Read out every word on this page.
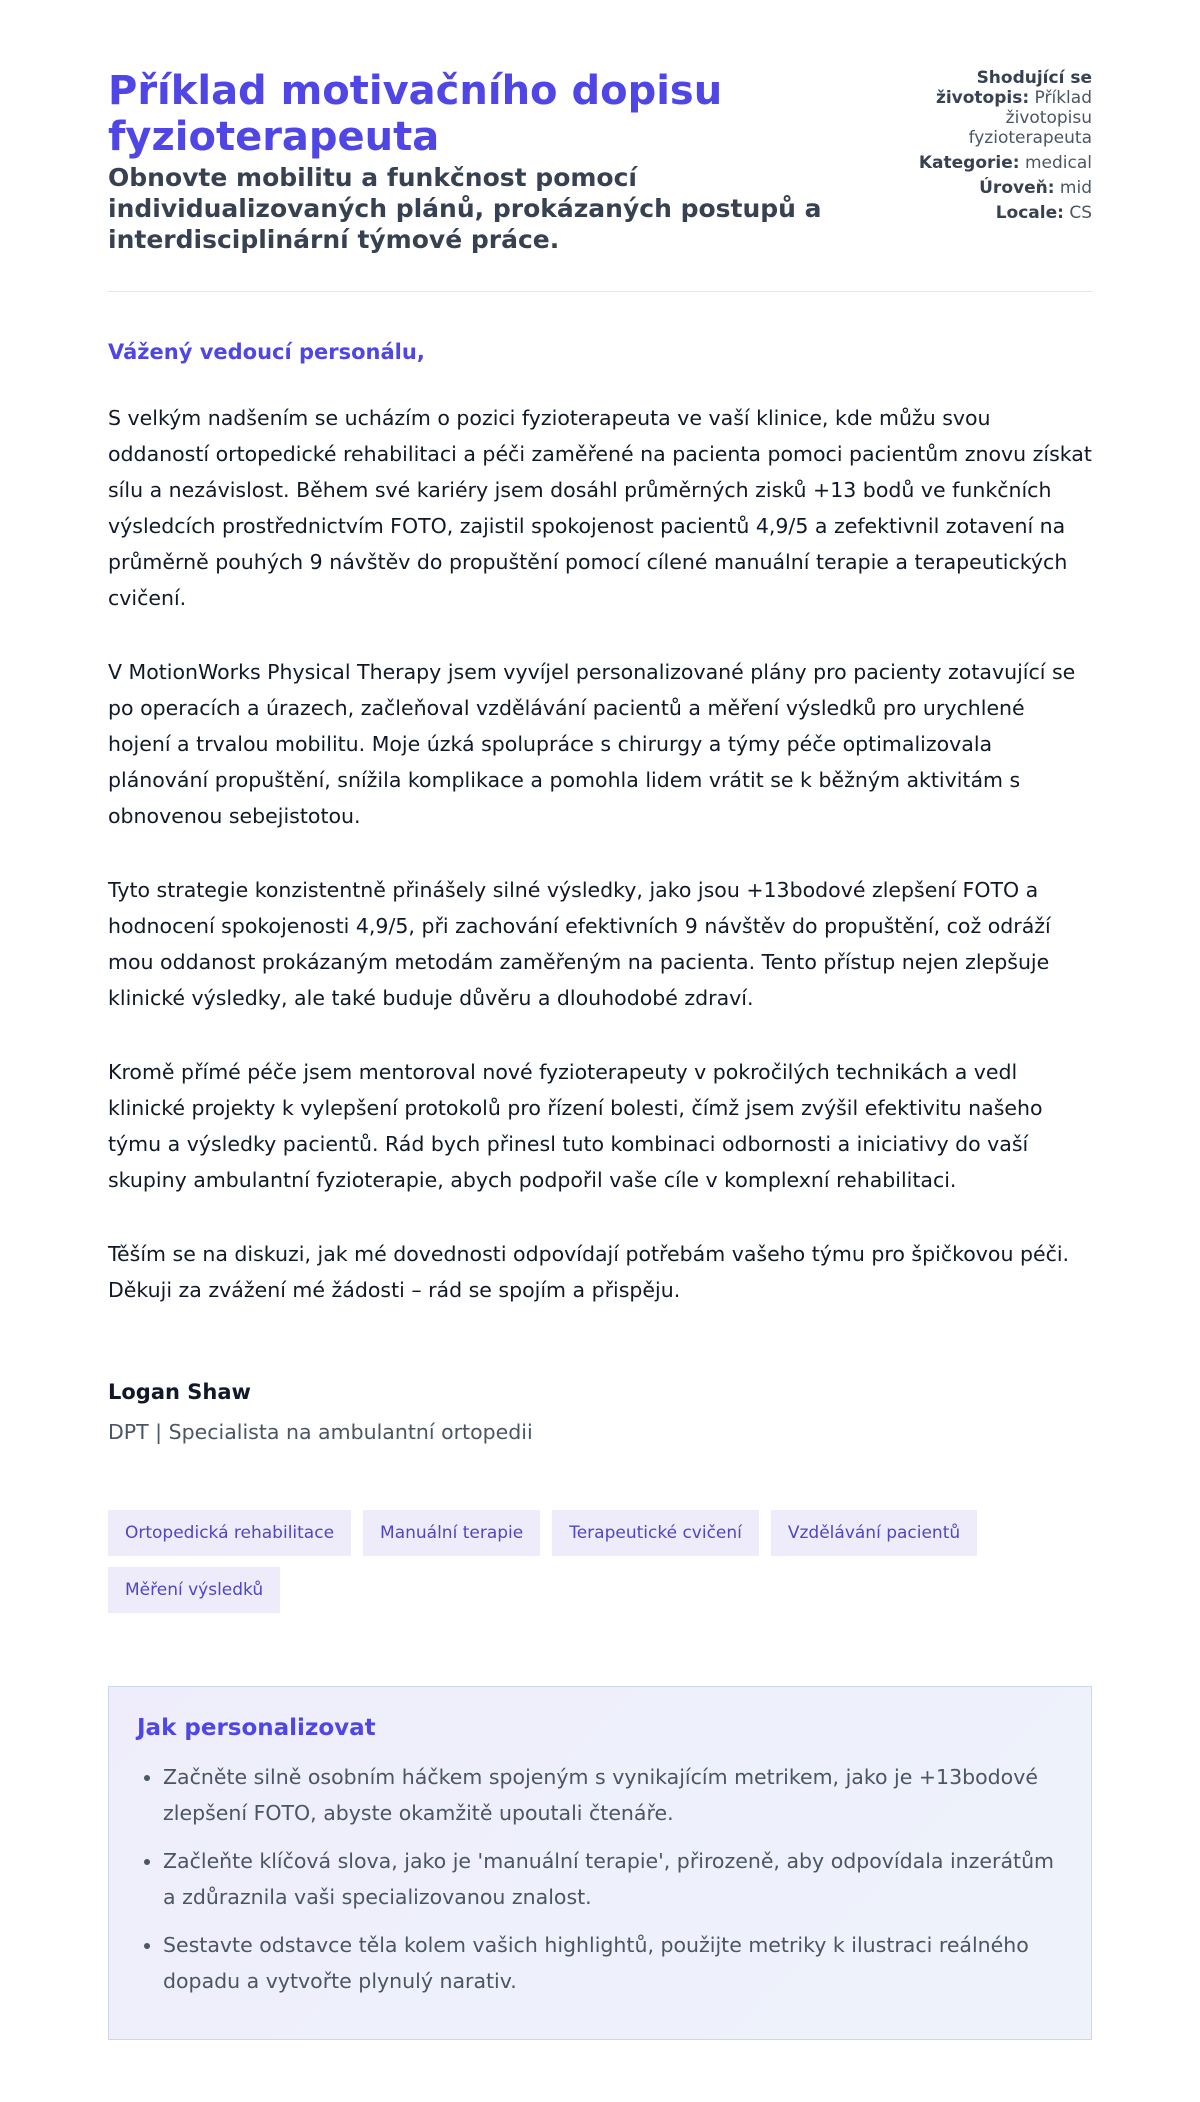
Příklad motivačního dopisu fyzioterapeuta
Obnovte mobilitu a funkčnost pomocí individualizovaných plánů, prokázaných postupů a interdisciplinární týmové práce.
Shodující se životopis: Příklad životopisu fyzioterapeuta
Kategorie: medical
Úroveň: mid
Locale: CS

Vážený vedoucí personálu,

S velkým nadšením se ucházím o pozici fyzioterapeuta ve vaší klinice, kde můžu svou oddaností ortopedické rehabilitaci a péči zaměřené na pacienta pomoci pacientům znovu získat sílu a nezávislost. Během své kariéry jsem dosáhl průměrných zisků +13 bodů ve funkčních výsledcích prostřednictvím FOTO, zajistil spokojenost pacientů 4,9/5 a zefektivnil zotavení na průměrně pouhých 9 návštěv do propuštění pomocí cílené manuální terapie a terapeutických cvičení.

V MotionWorks Physical Therapy jsem vyvíjel personalizované plány pro pacienty zotavující se po operacích a úrazech, začleňoval vzdělávání pacientů a měření výsledků pro urychlené hojení a trvalou mobilitu. Moje úzká spolupráce s chirurgy a týmy péče optimalizovala plánování propuštění, snížila komplikace a pomohla lidem vrátit se k běžným aktivitám s obnovenou sebejistotou.

Tyto strategie konzistentně přinášely silné výsledky, jako jsou +13bodové zlepšení FOTO a hodnocení spokojenosti 4,9/5, při zachování efektivních 9 návštěv do propuštění, což odráží mou oddanost prokázaným metodám zaměřeným na pacienta. Tento přístup nejen zlepšuje klinické výsledky, ale také buduje důvěru a dlouhodobé zdraví.

Kromě přímé péče jsem mentoroval nové fyzioterapeuty v pokročilých technikách a vedl klinické projekty k vylepšení protokolů pro řízení bolesti, čímž jsem zvýšil efektivitu našeho týmu a výsledky pacientů. Rád bych přinesl tuto kombinaci odbornosti a iniciativy do vaší skupiny ambulantní fyzioterapie, abych podpořil vaše cíle v komplexní rehabilitaci.

Těším se na diskuzi, jak mé dovednosti odpovídají potřebám vašeho týmu pro špičkovou péči. Děkuji za zvážení mé žádosti – rád se spojím a přispěju.

Logan Shaw

DPT | Specialista na ambulantní ortopedii

Ortopedická rehabilitace	Manuální terapie	Terapeutické cvičení	Vzdělávání pacientů
Měření výsledků
Jak personalizovat
• Začněte silně osobním háčkem spojeným s vynikajícím metrikem, jako je +13bodové zlepšení FOTO, abyste okamžitě upoutali čtenáře.
• Začleňte klíčová slova, jako je 'manuální terapie', přirozeně, aby odpovídala inzerátům a zdůraznila vaši specializovanou znalost.
• Sestavte odstavce těla kolem vašich highlightů, použijte metriky k ilustraci reálného dopadu a vytvořte plynulý narativ.
